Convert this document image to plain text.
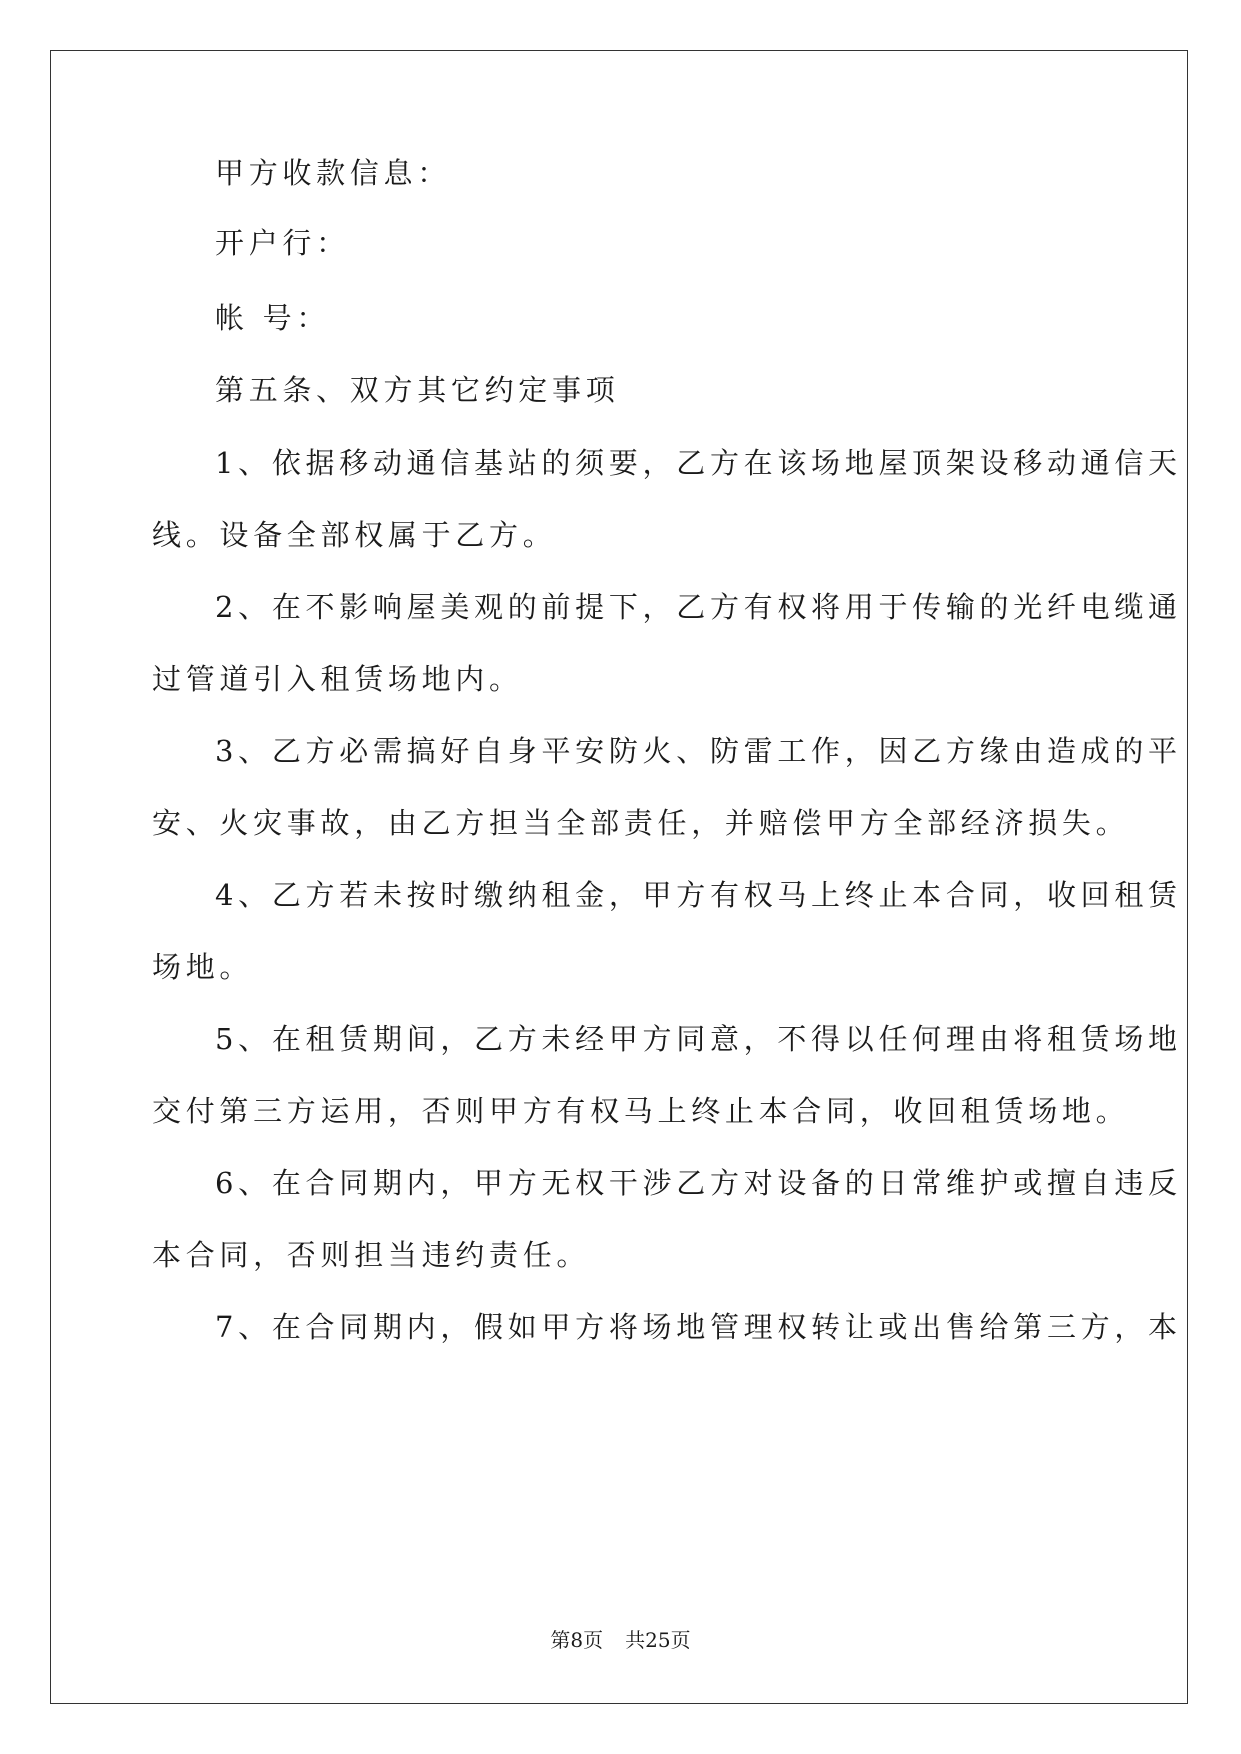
甲方收款信息：
开户行：
帐 号：
第五条、双方其它约定事项
1、依据移动通信基站的须要，乙方在该场地屋顶架设移动通信天
线。设备全部权属于乙方。
2、在不影响屋美观的前提下，乙方有权将用于传输的光纤电缆通
过管道引入租赁场地内。
3、乙方必需搞好自身平安防火、防雷工作，因乙方缘由造成的平
安、火灾事故，由乙方担当全部责任，并赔偿甲方全部经济损失。
4、乙方若未按时缴纳租金，甲方有权马上终止本合同，收回租赁
场地。
5、在租赁期间，乙方未经甲方同意，不得以任何理由将租赁场地
交付第三方运用，否则甲方有权马上终止本合同，收回租赁场地。
6、在合同期内，甲方无权干涉乙方对设备的日常维护或擅自违反
本合同，否则担当违约责任。
7、在合同期内，假如甲方将场地管理权转让或出售给第三方，本
第8页 共25页
